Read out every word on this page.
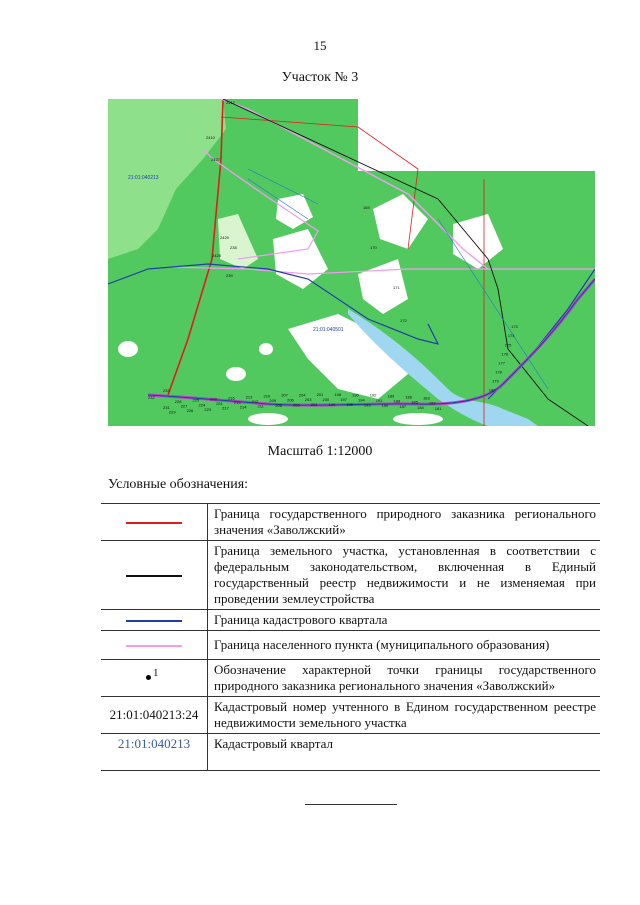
15
Участок № 3
21:01:040213
21:01:040501
169
170
171
172
2410
2412
2427
2428
2429
238
239
233
232
231
229
228
227
226
225
224
223
222
221
217
216
215
214
213
212
211
210
209
208
207
206
205
204
203
202
201
200
199
198
197
196
195
194
193
192
191
190
189
188
187
186
185
184
183
182
181
180
179
178
177
176
175
174
173
Масштаб 1:12000
Условные обозначения:
	Граница государственного природного заказника регионального значения «Заволжский»
	Граница земельного участка, установленная в соответствии с федеральным законодательством, включенная в Единый государственный реестр недвижимости и не изменяемая при проведении землеустройства
	Граница кадастрового квартала
	Граница населенного пункта (муниципального образования)

1	Обозначение характерной точки границы государственного природного заказника регионального значения «Заволжский»
21:01:040213:24	Кадастровый номер учтенного в Едином государственном реестре недвижимости земельного участка
21:01:040213	Кадастровый квартал
